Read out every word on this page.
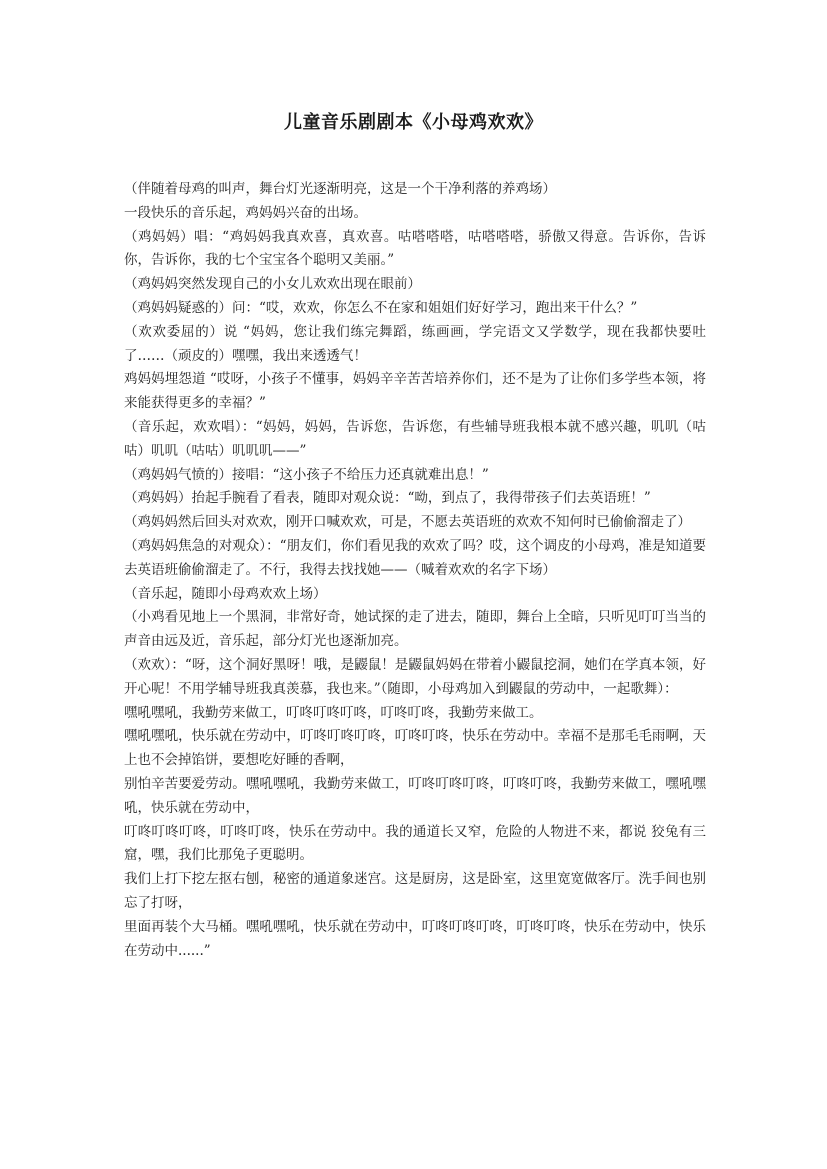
儿童音乐剧剧本《小母鸡欢欢》

（伴随着母鸡的叫声，舞台灯光逐渐明亮，这是一个干净利落的养鸡场）

一段快乐的音乐起，鸡妈妈兴奋的出场。

（鸡妈妈）唱：“鸡妈妈我真欢喜，真欢喜。咕嗒嗒嗒，咕嗒嗒嗒，骄傲又得意。告诉你，告诉你，告诉你，我的七个宝宝各个聪明又美丽。”

（鸡妈妈突然发现自己的小女儿欢欢出现在眼前）

（鸡妈妈疑惑的）问：“哎，欢欢，你怎么不在家和姐姐们好好学习，跑出来干什么？”

（欢欢委屈的）说 “妈妈，您让我们练完舞蹈，练画画，学完语文又学数学，现在我都快要吐了……（顽皮的）嘿嘿，我出来透透气！

鸡妈妈埋怨道 “哎呀，小孩子不懂事，妈妈辛辛苦苦培养你们，还不是为了让你们多学些本领，将来能获得更多的幸福？”

（音乐起，欢欢唱）：“妈妈，妈妈，告诉您，告诉您，有些辅导班我根本就不感兴趣，叽叽（咕咕）叽叽（咕咕）叽叽叽——”

（鸡妈妈气愤的）接唱：“这小孩子不给压力还真就难出息！”

（鸡妈妈）抬起手腕看了看表，随即对观众说：“呦，到点了，我得带孩子们去英语班！”

（鸡妈妈然后回头对欢欢，刚开口喊欢欢，可是，不愿去英语班的欢欢不知何时已偷偷溜走了）

（鸡妈妈焦急的对观众）：“朋友们，你们看见我的欢欢了吗？哎，这个调皮的小母鸡，准是知道要去英语班偷偷溜走了。不行，我得去找找她——（喊着欢欢的名字下场）

（音乐起，随即小母鸡欢欢上场）

（小鸡看见地上一个黑洞，非常好奇，她试探的走了进去，随即，舞台上全暗，只听见叮叮当当的声音由远及近，音乐起，部分灯光也逐渐加亮。

（欢欢）：“呀，这个洞好黑呀！哦，是鼹鼠！是鼹鼠妈妈在带着小鼹鼠挖洞，她们在学真本领，好开心呢！不用学辅导班我真羡慕，我也来。”（随即，小母鸡加入到鼹鼠的劳动中，一起歌舞）：

嘿吼嘿吼，我勤劳来做工，叮咚叮咚叮咚，叮咚叮咚，我勤劳来做工。

嘿吼嘿吼，快乐就在劳动中，叮咚叮咚叮咚，叮咚叮咚，快乐在劳动中。幸福不是那毛毛雨啊，天上也不会掉馅饼，要想吃好睡的香啊，

别怕辛苦要爱劳动。嘿吼嘿吼，我勤劳来做工，叮咚叮咚叮咚，叮咚叮咚，我勤劳来做工，嘿吼嘿吼，快乐就在劳动中，

叮咚叮咚叮咚，叮咚叮咚，快乐在劳动中。我的通道长又窄，危险的人物进不来，都说 狡兔有三窟，嘿，我们比那兔子更聪明。

我们上打下挖左抠右刨，秘密的通道象迷宫。这是厨房，这是卧室，这里宽宽做客厅。洗手间也别忘了打呀，

里面再装个大马桶。嘿吼嘿吼，快乐就在劳动中，叮咚叮咚叮咚，叮咚叮咚，快乐在劳动中，快乐在劳动中......”
